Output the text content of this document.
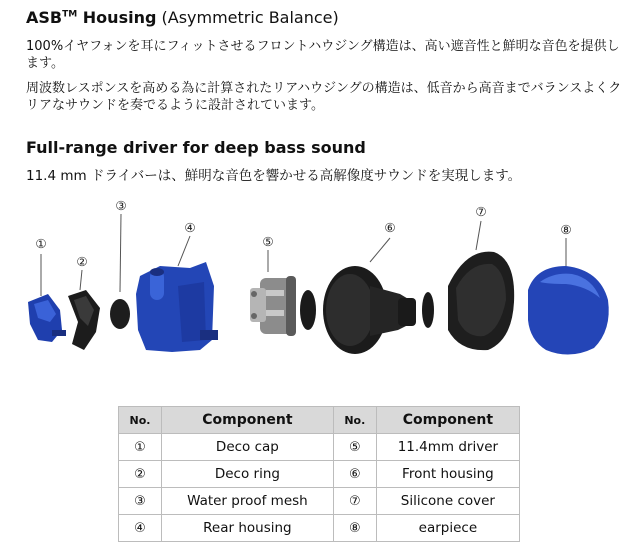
ASB™ Housing (Asymmetric Balance)
100%イヤフォンを耳にフィットさせるフロントハウジング構造は、高い遮音性と鮮明な音色を提供します。
周波数レスポンスを高める為に計算されたリアハウジングの構造は、低音から高音までバランスよくクリアなサウンドを奏でるように設計されています。
Full-range driver for deep bass sound
11.4 mm ドライバーは、鮮明な音色を響かせる高解像度サウンドを実現します。
①
②
③
④
⑤
⑥
⑦
⑧
No.	Component	No.	Component
①	Deco cap	⑤	11.4mm driver
②	Deco ring	⑥	Front housing
③	Water proof mesh	⑦	Silicone cover
④	Rear housing	⑧	earpiece
